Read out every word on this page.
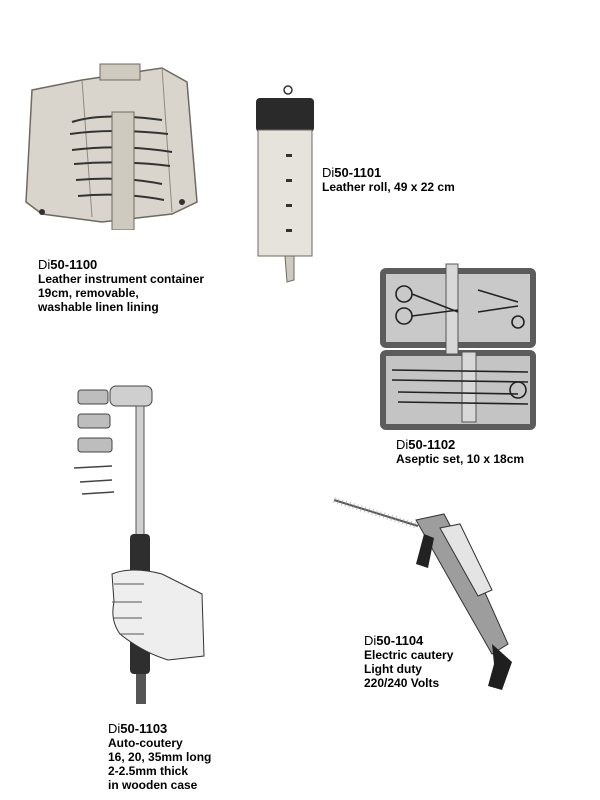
Di50-1100
Leather instrument container
19cm, removable,
washable linen lining
Di50-1101
Leather roll, 49 x 22 cm
Di50-1102
Aseptic set, 10 x 18cm
Di50-1103
Auto-coutery
16, 20, 35mm long
2-2.5mm thick
in wooden case
Di50-1104
Electric cautery
Light duty
220/240 Volts
